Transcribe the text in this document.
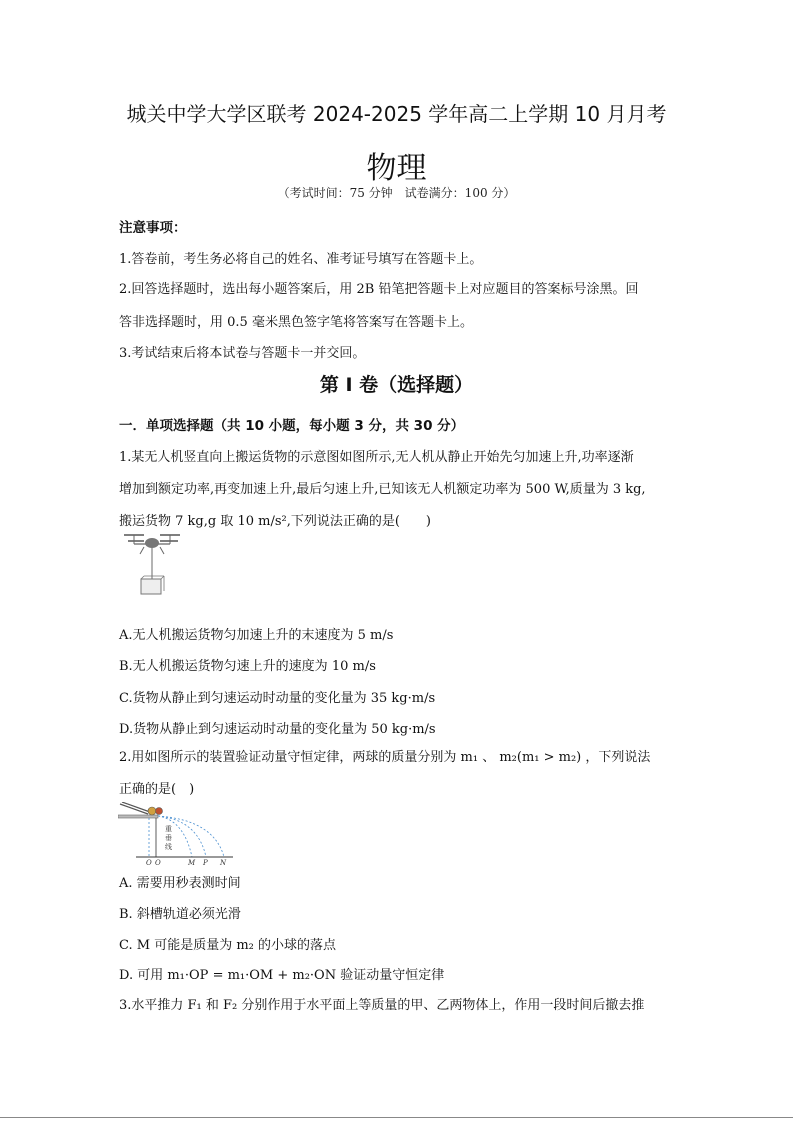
城关中学大学区联考 2024-2025 学年高二上学期 10 月月考
物理
（考试时间：75 分钟　试卷满分：100 分）
注意事项：
1.答卷前，考生务必将自己的姓名、准考证号填写在答题卡上。
2.回答选择题时，选出每小题答案后，用 2B 铅笔把答题卡上对应题目的答案标号涂黑。回
答非选择题时，用 0.5 毫米黑色签字笔将答案写在答题卡上。
3.考试结束后将本试卷与答题卡一并交回。
第 I 卷（选择题）
一．单项选择题（共 10 小题，每小题 3 分，共 30 分）
1.某无人机竖直向上搬运货物的示意图如图所示,无人机从静止开始先匀加速上升,功率逐渐
增加到额定功率,再变加速上升,最后匀速上升,已知该无人机额定功率为 500 W,质量为 3 kg,
搬运货物 7 kg,g 取 10 m/s²,下列说法正确的是(　　)
A.无人机搬运货物匀加速上升的末速度为 5 m/s
B.无人机搬运货物匀速上升的速度为 10 m/s
C.货物从静止到匀速运动时动量的变化量为 35 kg·m/s
D.货物从静止到匀速运动时动量的变化量为 50 kg·m/s
2.用如图所示的装置验证动量守恒定律，两球的质量分别为 m₁ 、 m₂(m₁ > m₂) ，下列说法
正确的是(　)
重
垂
线
O O	M P N
A. 需要用秒表测时间
B. 斜槽轨道必须光滑
C. M 可能是质量为 m₂ 的小球的落点
D. 可用 m₁·OP = m₁·OM + m₂·ON 验证动量守恒定律
3.水平推力 F₁ 和 F₂ 分别作用于水平面上等质量的甲、乙两物体上，作用一段时间后撤去推
